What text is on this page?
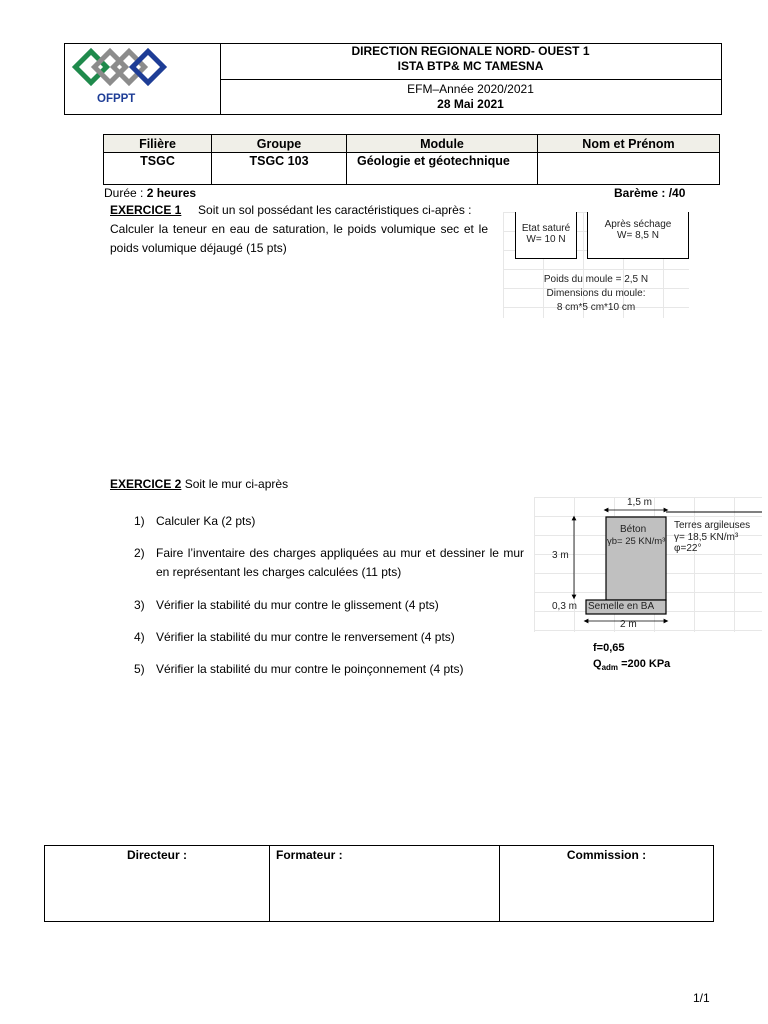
OFPPT
DIRECTION REGIONALE NORD- OUEST 1
ISTA BTP& MC TAMESNA
EFM–Année 2020/2021
28 Mai 2021
Filière	Groupe	Module	Nom et Prénom
TSGC	TSGC 103	Géologie et géotechnique	
Durée : 2 heures	Barème : /40
EXERCICE 1 Soit un sol possédant les caractéristiques ci-après :
Calculer la teneur en eau de saturation, le poids volumique sec et le poids volumique déjaugé (15 pts)
Etat saturé
W= 10 N
Après séchage
W= 8,5 N
Poids du moule = 2,5 N
Dimensions du moule:
8 cm*5 cm*10 cm
EXERCICE 2 Soit le mur ci-après
1) Calculer Ka (2 pts)
2) Faire l’inventaire des charges appliquées au mur et dessiner le mur en représentant les charges calculées (11 pts)
3) Vérifier la stabilité du mur contre le glissement (4 pts)
4) Vérifier la stabilité du mur contre le renversement (4 pts)
5) Vérifier la stabilité du mur contre le poinçonnement (4 pts)
1,5 m
Béton
γb= 25 KN/m³
Terres argileuses
γ= 18,5 KN/m³
φ=22°
3 m
0,3 m Semelle en BA
2 m
f=0,65
$Q_{adm} =200$ KPa
Directeur :	Formateur :	Commission :
1/1
